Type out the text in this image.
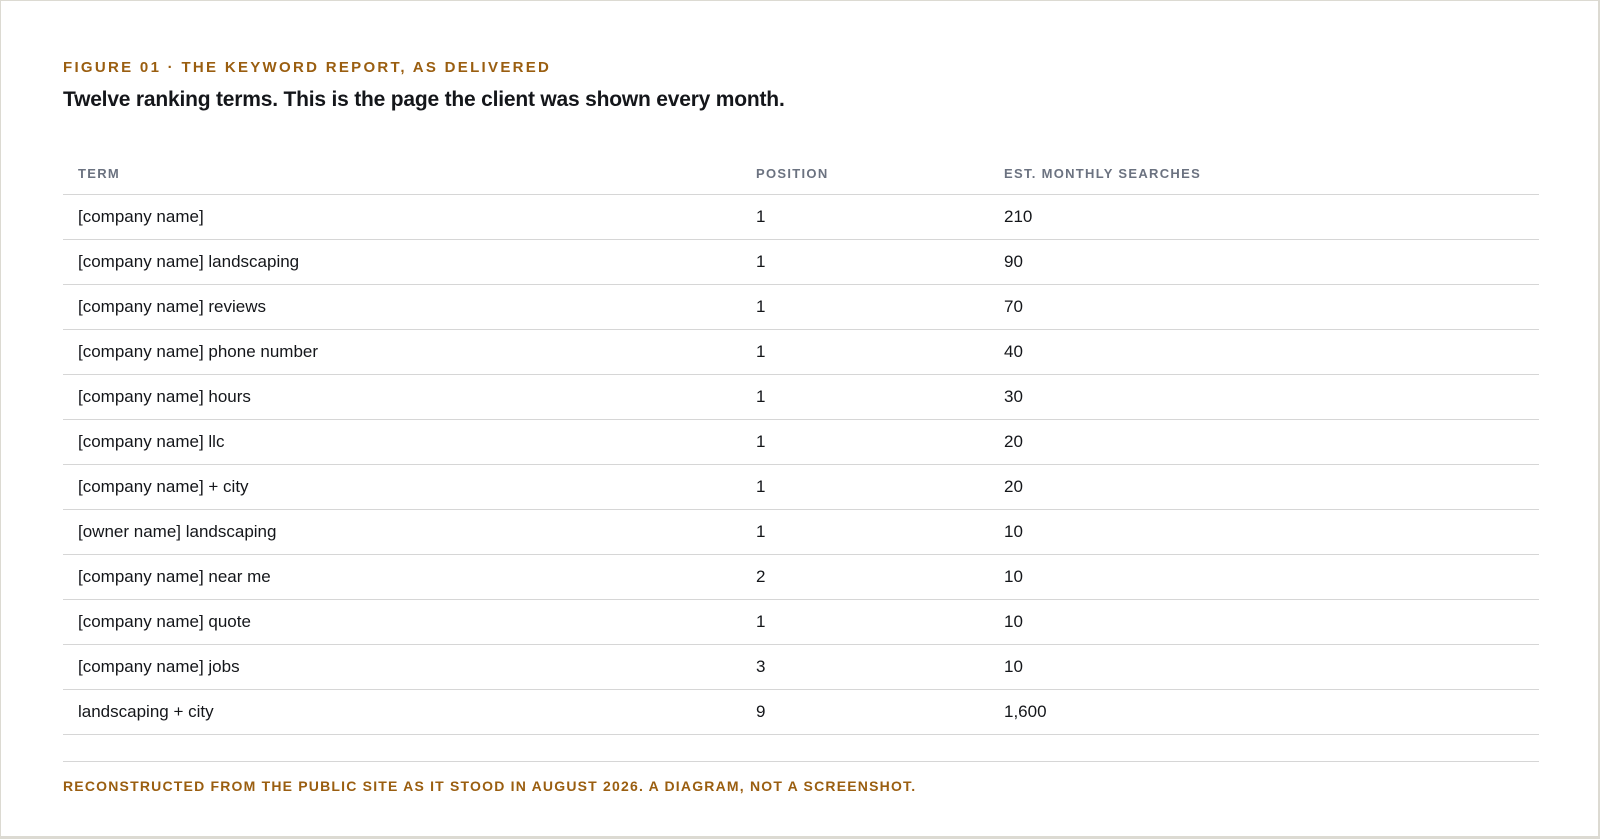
FIGURE 01 · THE KEYWORD REPORT, AS DELIVERED

Twelve ranking terms. This is the page the client was shown every month.
TERM	POSITION	EST. MONTHLY SEARCHES
[company name]	1	210
[company name] landscaping	1	90
[company name] reviews	1	70
[company name] phone number	1	40
[company name] hours	1	30
[company name] llc	1	20
[company name] + city	1	20
[owner name] landscaping	1	10
[company name] near me	2	10
[company name] quote	1	10
[company name] jobs	3	10
landscaping + city	9	1,600

RECONSTRUCTED FROM THE PUBLIC SITE AS IT STOOD IN AUGUST 2026. A DIAGRAM, NOT A SCREENSHOT.
